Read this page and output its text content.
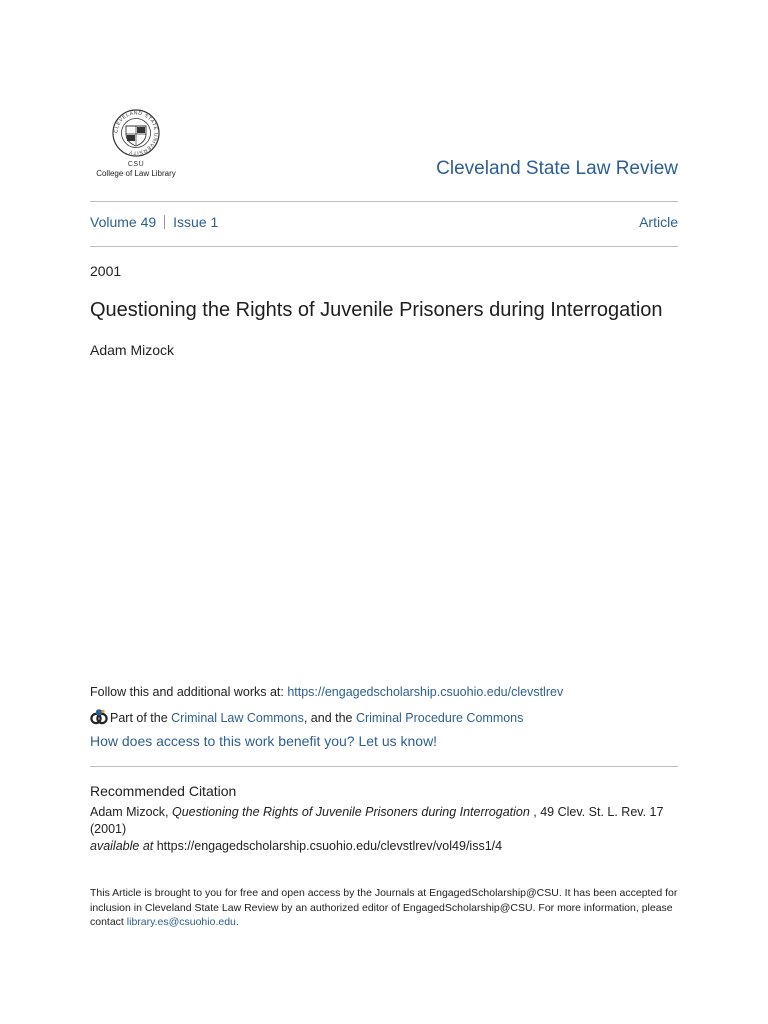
CLEVELAND STATE UNIVERSITY
CSU
College of Law Library	Cleveland State Law Review
Volume 49 Issue 1	Article
2001
Questioning the Rights of Juvenile Prisoners during Interrogation
Adam Mizock
Follow this and additional works at: https://engagedscholarship.csuohio.edu/clevstlrev
Part of the Criminal Law Commons, and the Criminal Procedure Commons
How does access to this work benefit you? Let us know!
Recommended Citation
Adam Mizock, Questioning the Rights of Juvenile Prisoners during Interrogation , 49 Clev. St. L. Rev. 17 (2001)
available at https://engagedscholarship.csuohio.edu/clevstlrev/vol49/iss1/4
This Article is brought to you for free and open access by the Journals at EngagedScholarship@CSU. It has been accepted for inclusion in Cleveland State Law Review by an authorized editor of EngagedScholarship@CSU. For more information, please contact library.es@csuohio.edu.
